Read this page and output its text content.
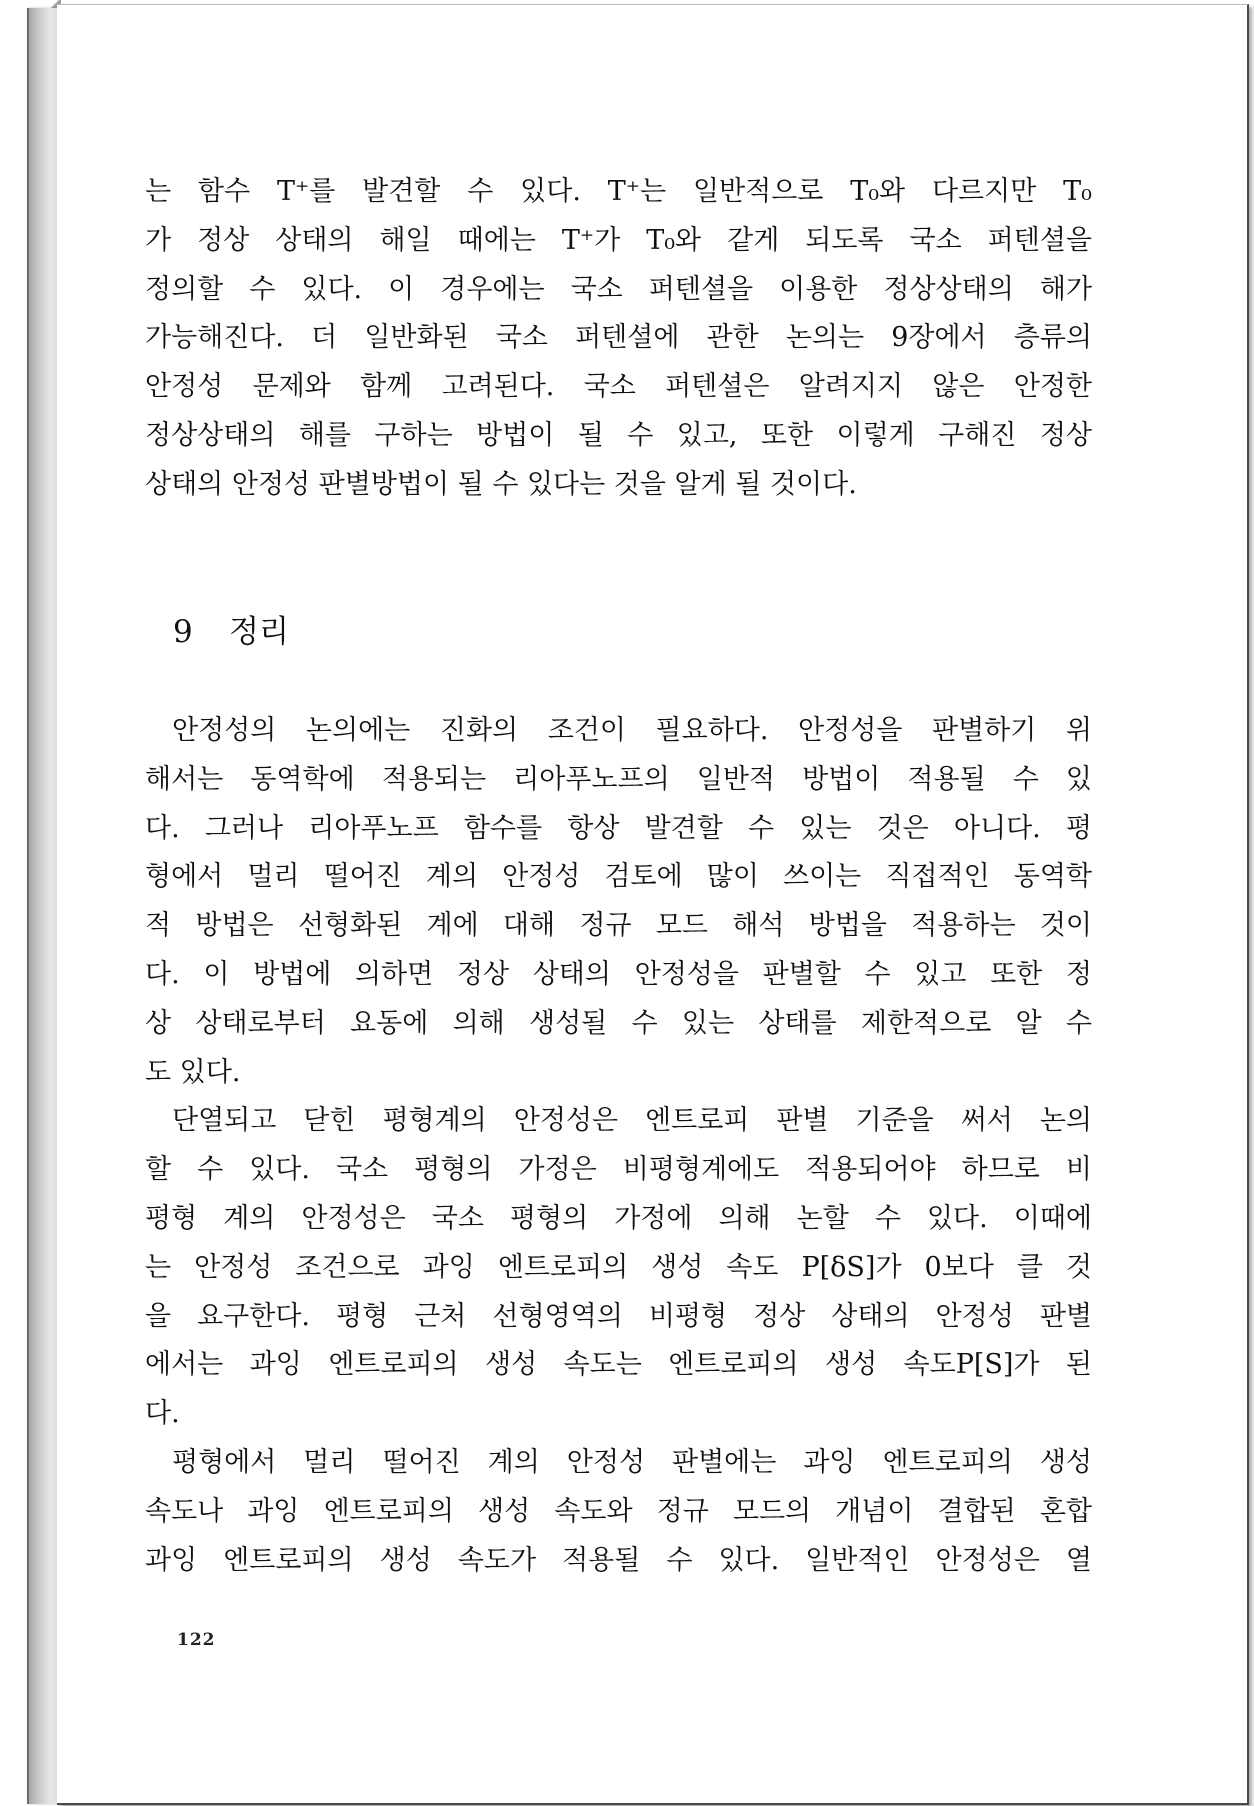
는 함수 T⁺를 발견할 수 있다. T⁺는 일반적으로 T₀와 다르지만 T₀
가 정상 상태의 해일 때에는 T⁺가 T₀와 같게 되도록 국소 퍼텐셜을
정의할 수 있다. 이 경우에는 국소 퍼텐셜을 이용한 정상상태의 해가
가능해진다. 더 일반화된 국소 퍼텐셜에 관한 논의는 9장에서 층류의
안정성 문제와 함께 고려된다. 국소 퍼텐셜은 알려지지 않은 안정한
정상상태의 해를 구하는 방법이 될 수 있고, 또한 이렇게 구해진 정상
상태의 안정성 판별방법이 될 수 있다는 것을 알게 될 것이다.
9 정리
안정성의 논의에는 진화의 조건이 필요하다. 안정성을 판별하기 위
해서는 동역학에 적용되는 리아푸노프의 일반적 방법이 적용될 수 있
다. 그러나 리아푸노프 함수를 항상 발견할 수 있는 것은 아니다. 평
형에서 멀리 떨어진 계의 안정성 검토에 많이 쓰이는 직접적인 동역학
적 방법은 선형화된 계에 대해 정규 모드 해석 방법을 적용하는 것이
다. 이 방법에 의하면 정상 상태의 안정성을 판별할 수 있고 또한 정
상 상태로부터 요동에 의해 생성될 수 있는 상태를 제한적으로 알 수
도 있다.
단열되고 닫힌 평형계의 안정성은 엔트로피 판별 기준을 써서 논의
할 수 있다. 국소 평형의 가정은 비평형계에도 적용되어야 하므로 비
평형 계의 안정성은 국소 평형의 가정에 의해 논할 수 있다. 이때에
는 안정성 조건으로 과잉 엔트로피의 생성 속도 P[δS]가 0보다 클 것
을 요구한다. 평형 근처 선형영역의 비평형 정상 상태의 안정성 판별
에서는 과잉 엔트로피의 생성 속도는 엔트로피의 생성 속도P[S]가 된
다.
평형에서 멀리 떨어진 계의 안정성 판별에는 과잉 엔트로피의 생성
속도나 과잉 엔트로피의 생성 속도와 정규 모드의 개념이 결합된 혼합
과잉 엔트로피의 생성 속도가 적용될 수 있다. 일반적인 안정성은 열
122
